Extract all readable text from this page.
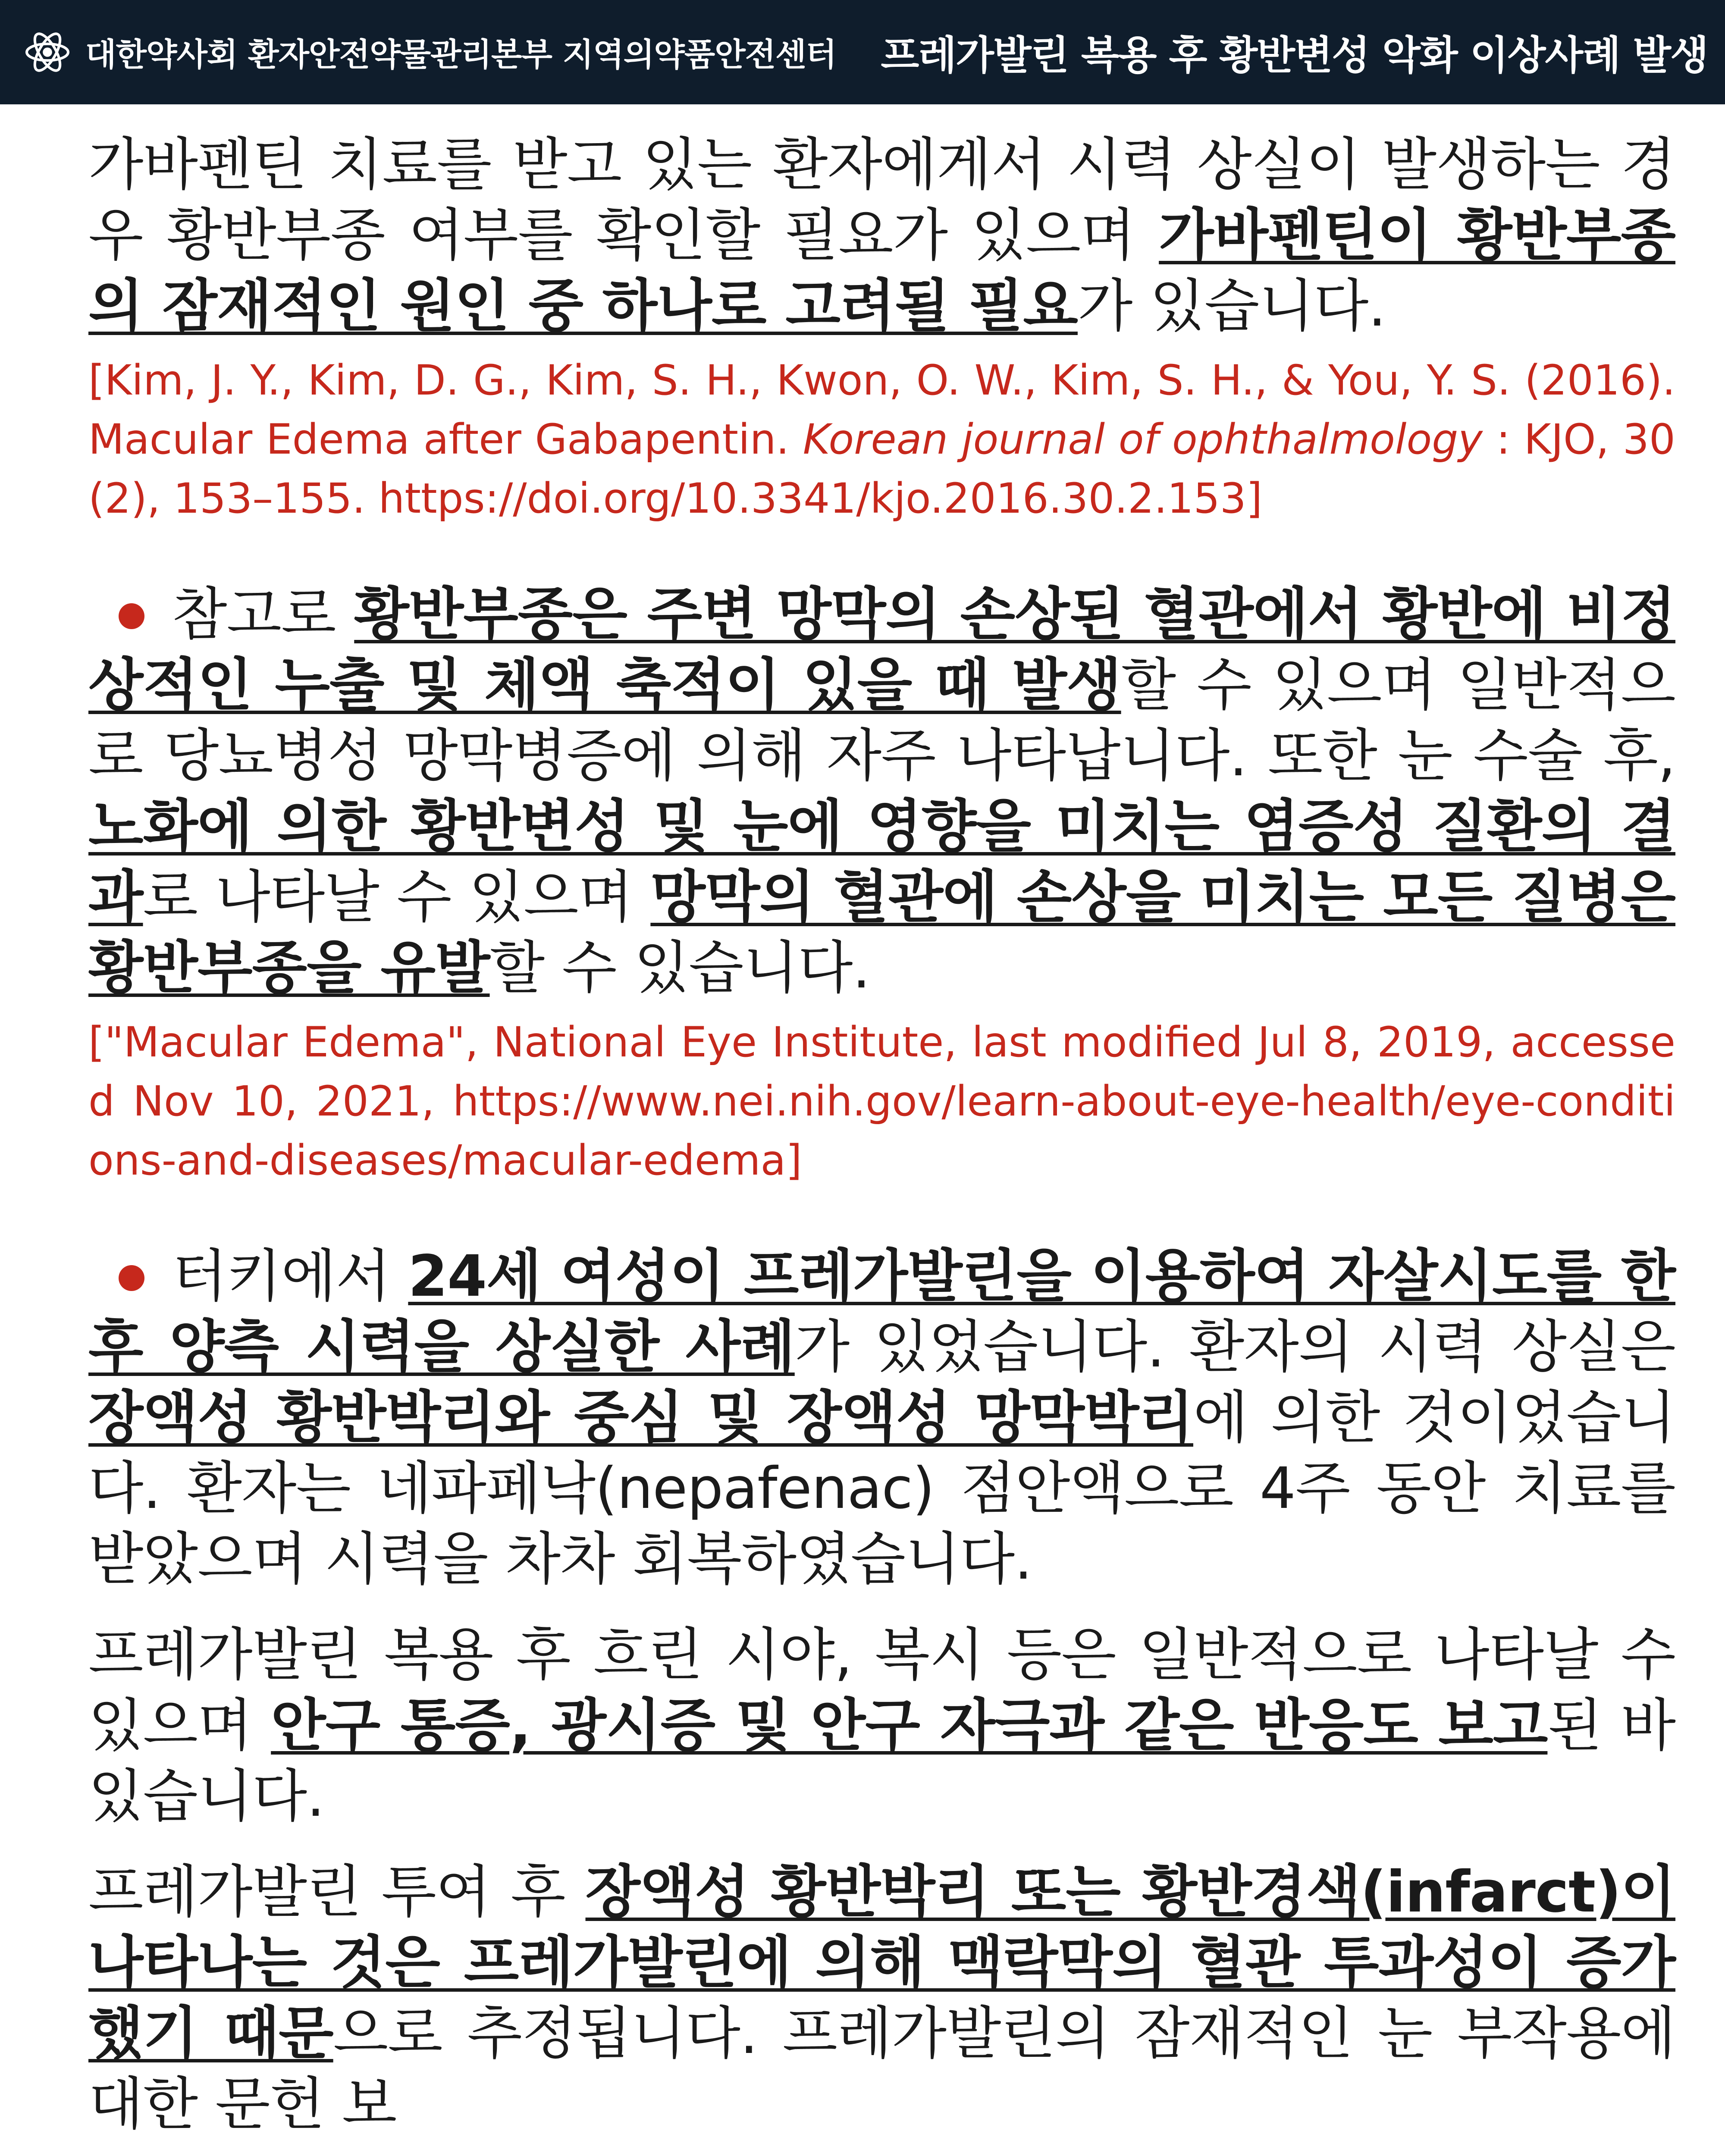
대한약사회 환자안전약물관리본부 지역의약품안전센터 프레가발린 복용 후 황반변성 악화 이상사례 발생

가바펜틴 치료를 받고 있는 환자에게서 시력 상실이 발생하는 경우 황반부종 여부를 확인할 필요가 있으며 가바펜틴이 황반부종의 잠재적인 원인 중 하나로 고려될 필요가 있습니다.

[Kim, J. Y., Kim, D. G., Kim, S. H., Kwon, O. W., Kim, S. H., & You, Y. S. (2016). Macular Edema after Gabapentin. Korean journal of ophthalmology : KJO, 30(2), 153–155. https://doi.org/10.3341/kjo.2016.30.2.153]

참고로 황반부종은 주변 망막의 손상된 혈관에서 황반에 비정상적인 누출 및 체액 축적이 있을 때 발생할 수 있으며 일반적으로 당뇨병성 망막병증에 의해 자주 나타납니다. 또한 눈 수술 후, 노화에 의한 황반변성 및 눈에 영향을 미치는 염증성 질환의 결과로 나타날 수 있으며 망막의 혈관에 손상을 미치는 모든 질병은 황반부종을 유발할 수 있습니다.

["Macular Edema", National Eye Institute, last modified Jul 8, 2019, accessed Nov 10, 2021, https://www.nei.nih.gov/learn-about-eye-health/eye-conditions-and-diseases/macular-edema]

터키에서 24세 여성이 프레가발린을 이용하여 자살시도를 한 후 양측 시력을 상실한 사례가 있었습니다. 환자의 시력 상실은 장액성 황반박리와 중심 및 장액성 망막박리에 의한 것이었습니다. 환자는 네파페낙(nepafenac) 점안액으로 4주 동안 치료를 받았으며 시력을 차차 회복하였습니다.

프레가발린 복용 후 흐린 시야, 복시 등은 일반적으로 나타날 수 있으며 안구 통증, 광시증 및 안구 자극과 같은 반응도 보고된 바 있습니다.

프레가발린 투여 후 장액성 황반박리 또는 황반경색(infarct)이 나타나는 것은 프레가발린에 의해 맥락막의 혈관 투과성이 증가했기 때문으로 추정됩니다. 프레가발린의 잠재적인 눈 부작용에 대한 문헌 보
